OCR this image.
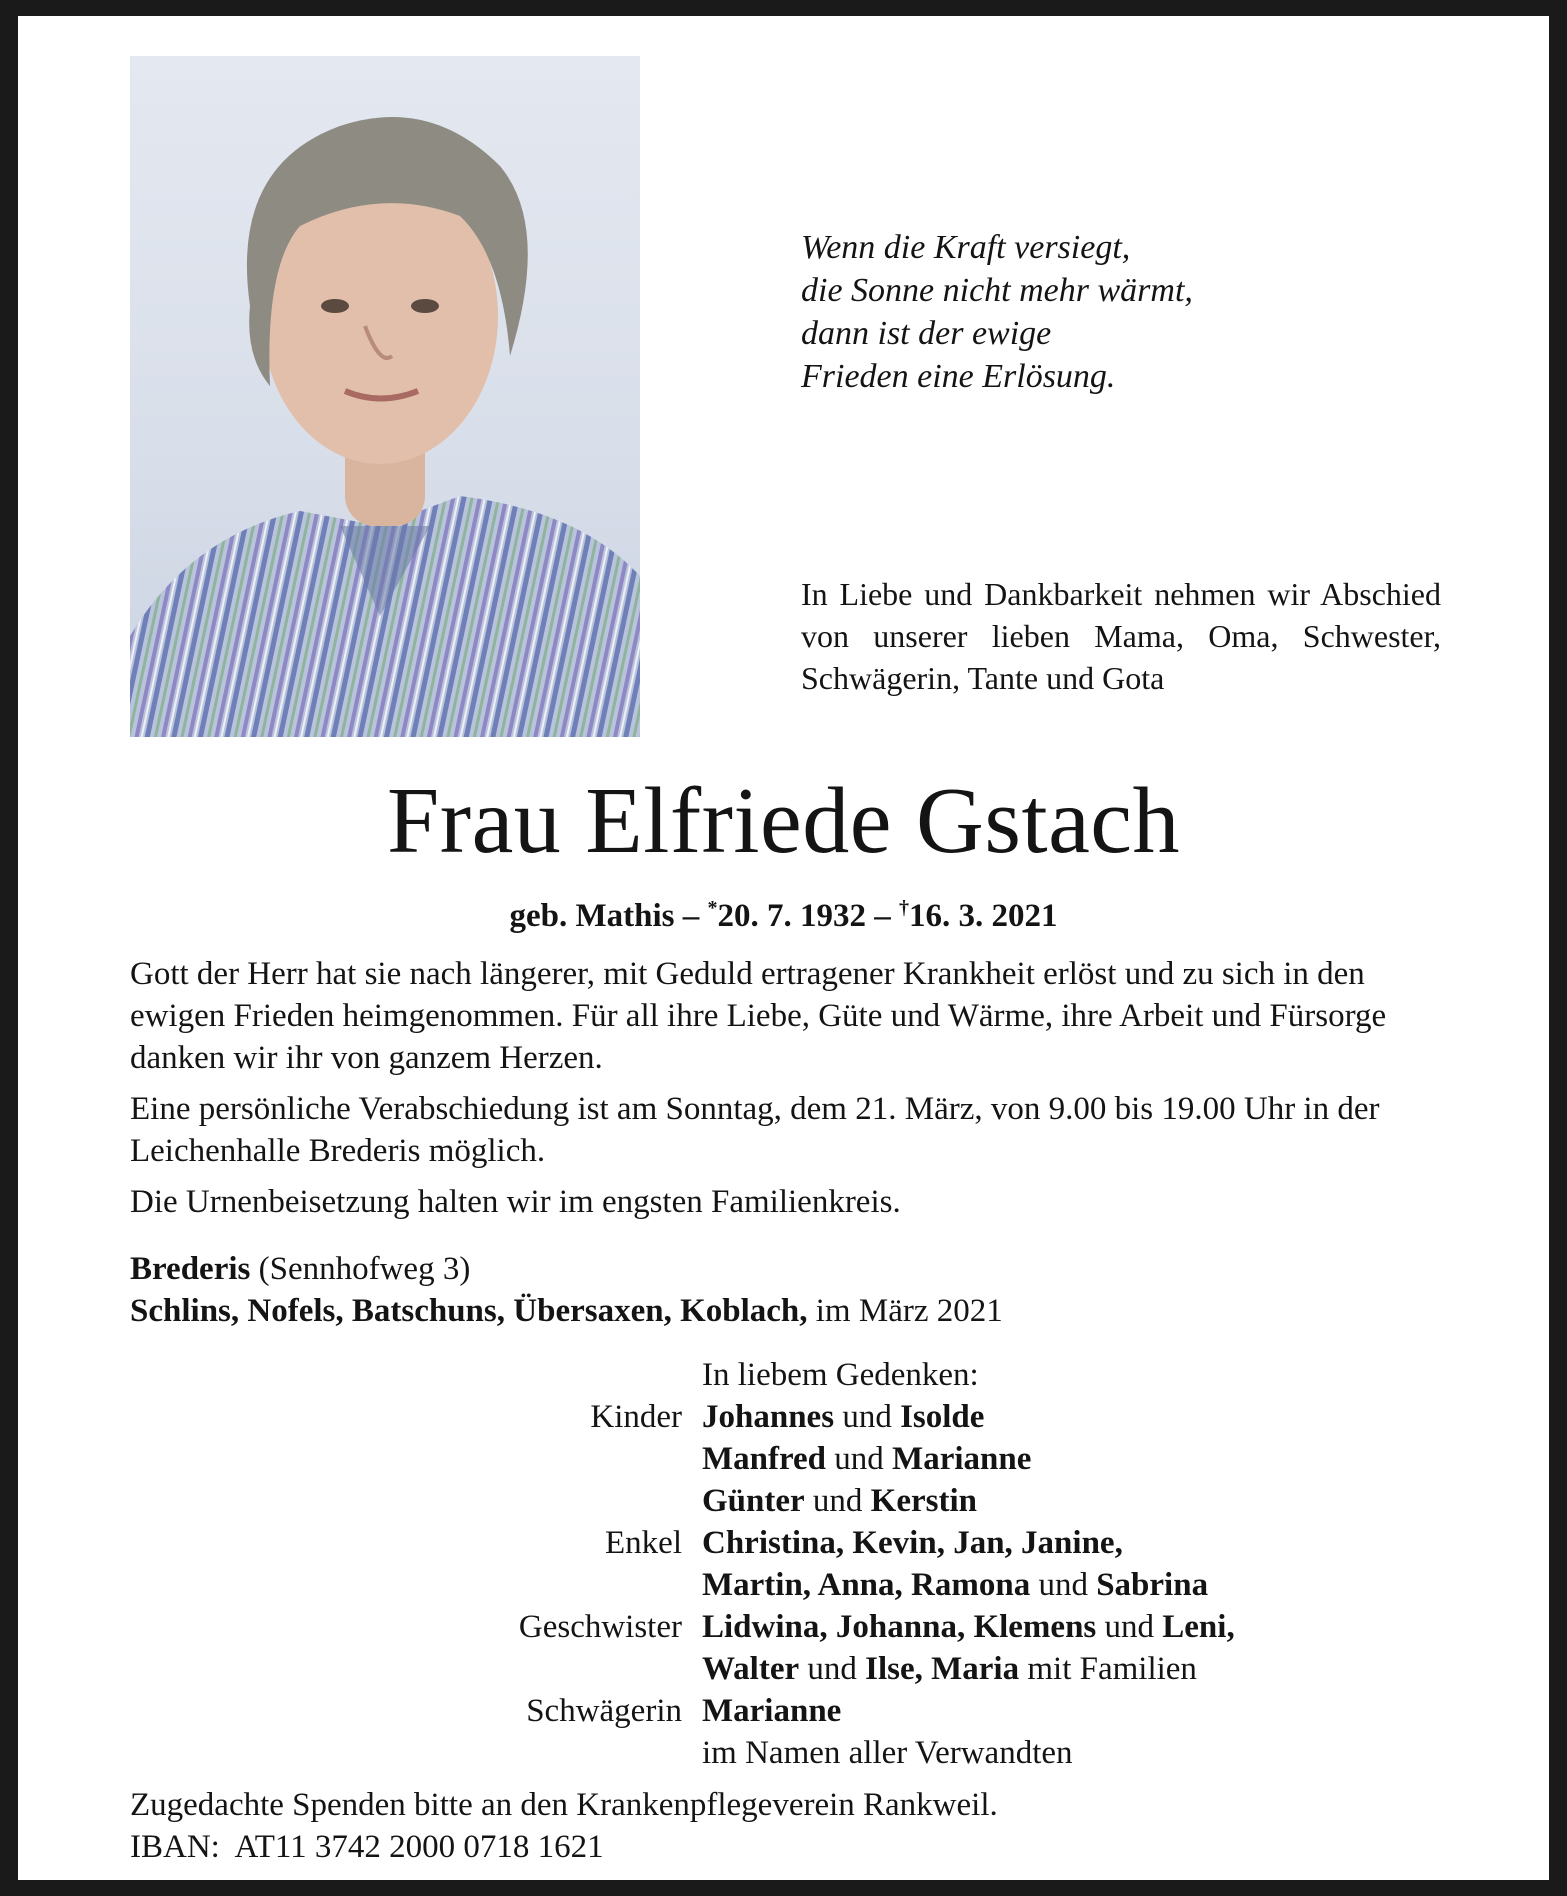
Wenn die Kraft versiegt,
die Sonne nicht mehr wärmt,
dann ist der ewige
Frieden eine Erlösung.
In Liebe und Dankbarkeit nehmen wir Abschied von unserer lieben Mama, Oma, Schwester, Schwägerin, Tante und Gota
Frau Elfriede Gstach
geb. Mathis – *20. 7. 1932 – †16. 3. 2021

Gott der Herr hat sie nach längerer, mit Geduld ertragener Krankheit erlöst und zu sich in den ewigen Frieden heimgenommen. Für all ihre Liebe, Güte und Wärme, ihre Arbeit und Fürsorge danken wir ihr von ganzem Herzen.

Eine persönliche Verabschiedung ist am Sonntag, dem 21. März, von 9.00 bis 19.00 Uhr in der Leichenhalle Brederis möglich.

Die Urnenbeisetzung halten wir im engsten Familienkreis.

Brederis (Sennhofweg 3)
Schlins, Nofels, Batschuns, Übersaxen, Koblach, im März 2021
In liebem Gedenken:
Kinder Johannes und Isolde
Manfred und Marianne
Günter und Kerstin
Enkel Christina, Kevin, Jan, Janine,
Martin, Anna, Ramona und Sabrina
Geschwister Lidwina, Johanna, Klemens und Leni,
Walter und Ilse, Maria mit Familien
Schwägerin Marianne
im Namen aller Verwandten
Zugedachte Spenden bitte an den Krankenpflegeverein Rankweil.
IBAN: AT11 3742 2000 0718 1621
